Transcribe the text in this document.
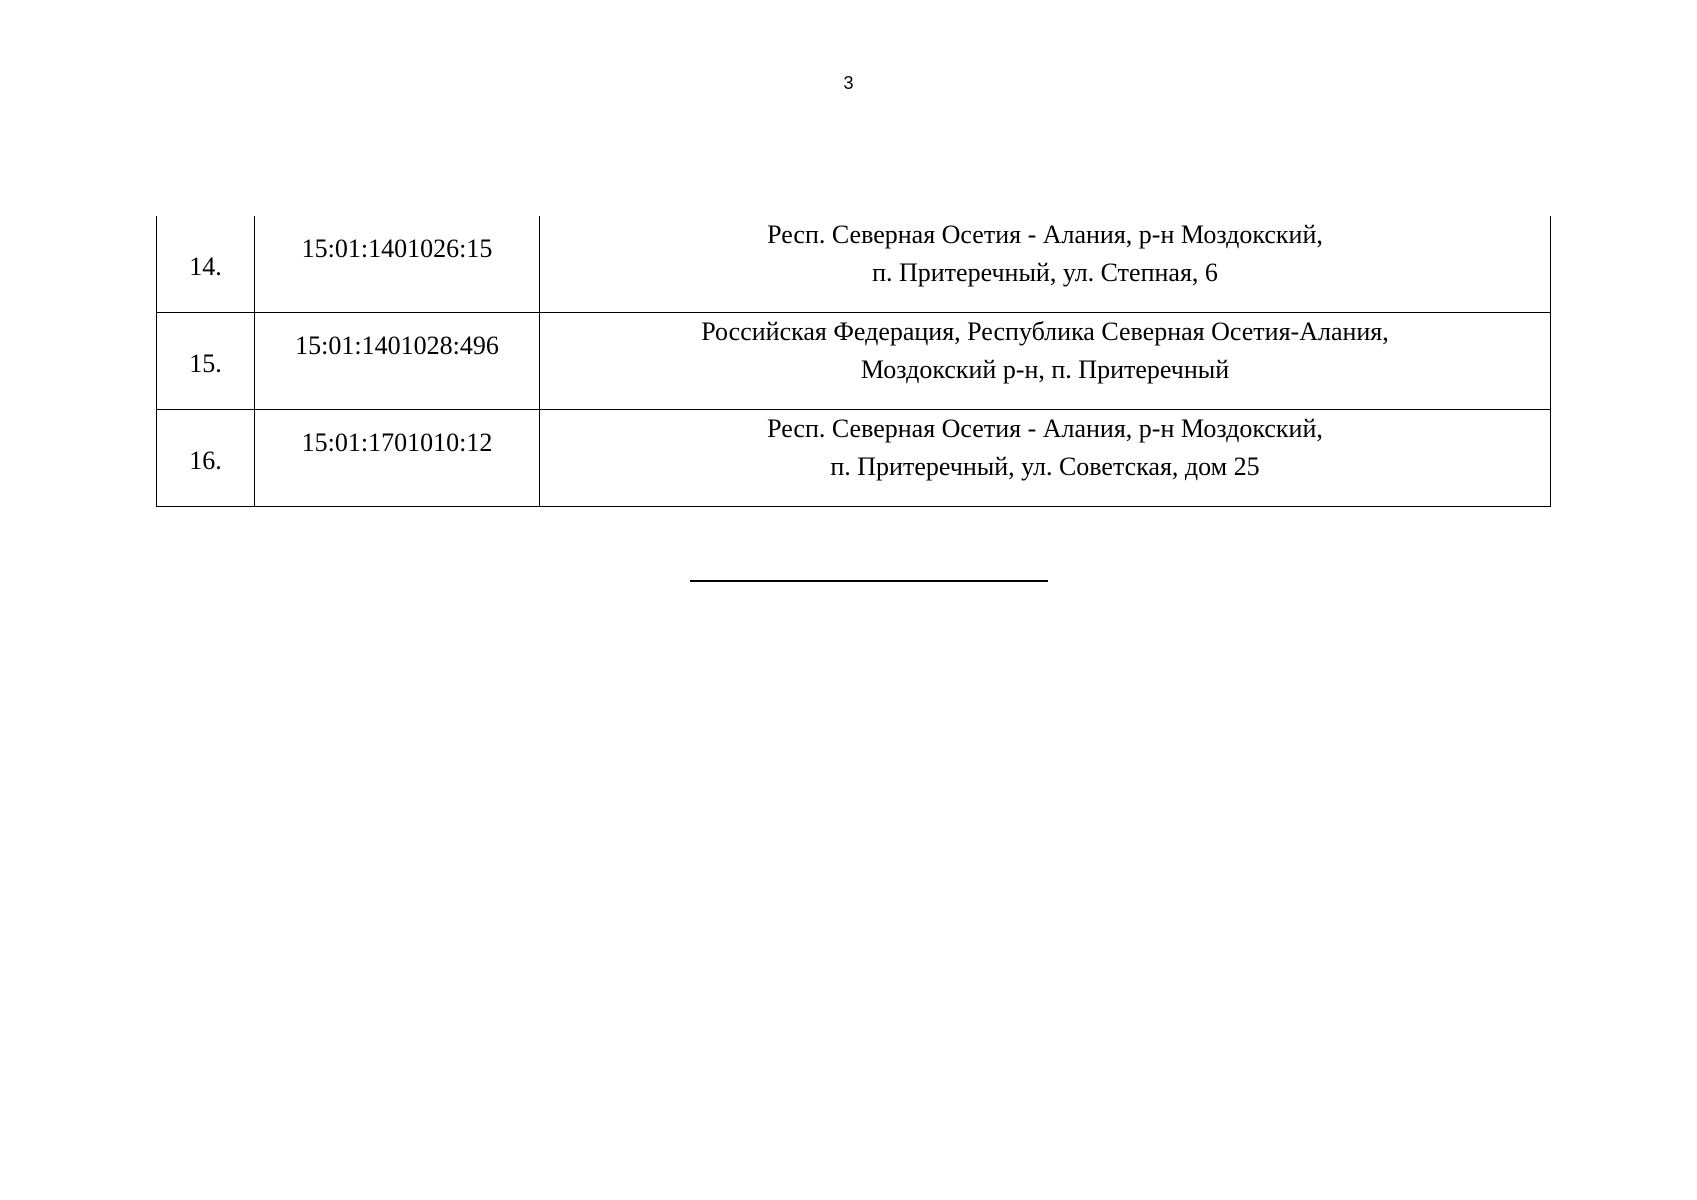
3
14.	15:01:1401026:15	Респ. Северная Осетия - Алания, р-н Моздокский,
п. Притеречный, ул. Степная, 6

15.	15:01:1401028:496	Российская Федерация, Республика Северная Осетия-Алания,
Моздокский р-н, п. Притеречный

16.	15:01:1701010:12	Респ. Северная Осетия - Алания, р-н Моздокский,
п. Притеречный, ул. Советская, дом 25
